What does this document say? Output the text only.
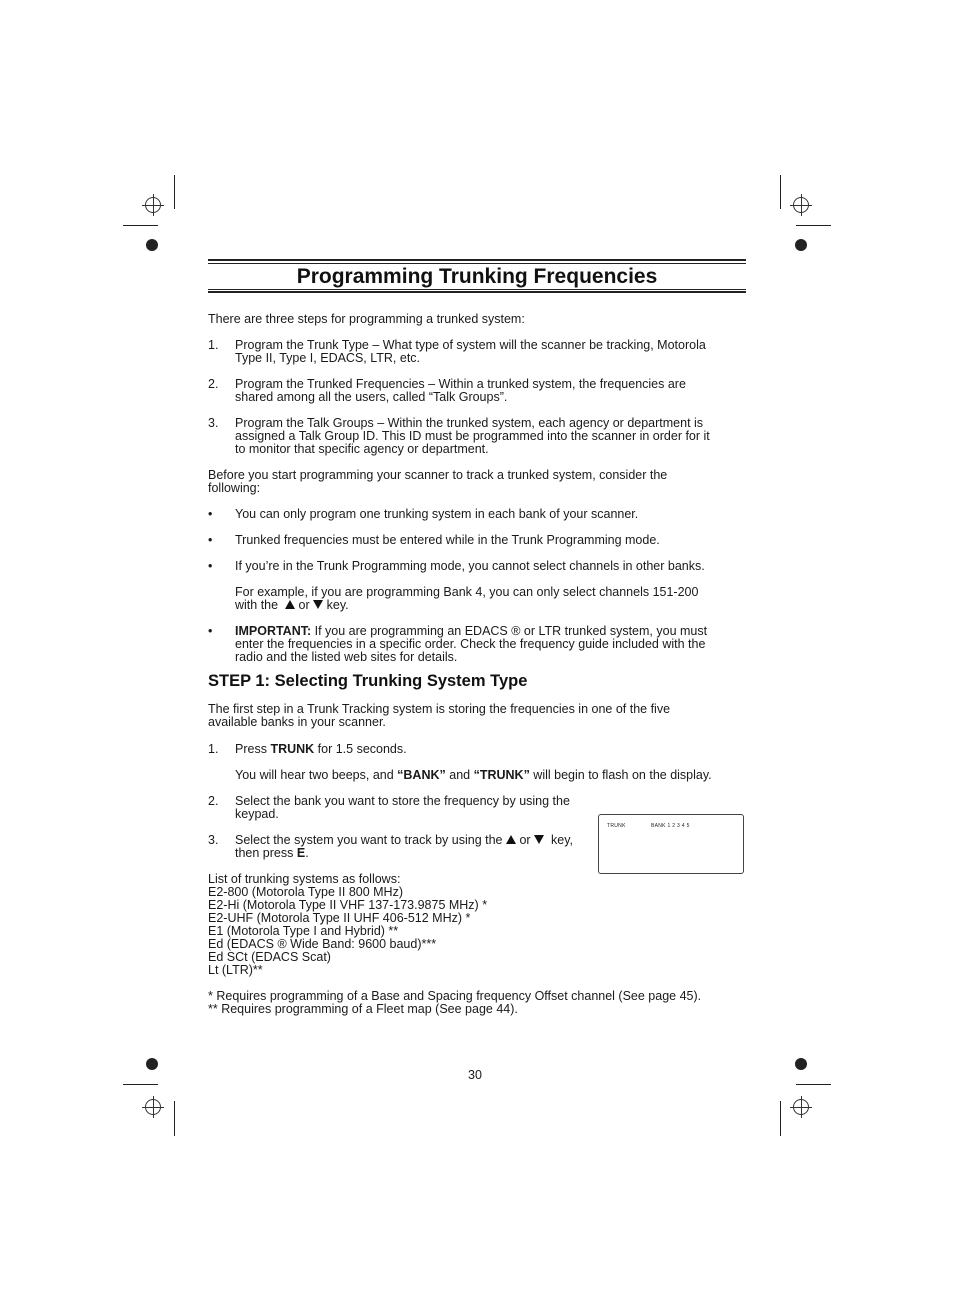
Programming Trunking Frequencies
There are three steps for programming a trunked system:
1. Program the Trunk Type – What type of system will the scanner be tracking, Motorola
Type II, Type I, EDACS, LTR, etc.
2. Program the Trunked Frequencies – Within a trunked system, the frequencies are
shared among all the users, called “Talk Groups”.
3. Program the Talk Groups – Within the trunked system, each agency or department is
assigned a Talk Group ID. This ID must be programmed into the scanner in order for it
to monitor that specific agency or department.
Before you start programming your scanner to track a trunked system, consider the
following:
• You can only program one trunking system in each bank of your scanner.
• Trunked frequencies must be entered while in the Trunk Programming mode.
• If you’re in the Trunk Programming mode, you cannot select channels in other banks.
For example, if you are programming Bank 4, you can only select channels 151-200
with the or key.
• IMPORTANT: If you are programming an EDACS ® or LTR trunked system, you must
enter the frequencies in a specific order. Check the frequency guide included with the
radio and the listed web sites for details.
STEP 1: Selecting Trunking System Type
The first step in a Trunk Tracking system is storing the frequencies in one of the five
available banks in your scanner.
1. Press TRUNK for 1.5 seconds.
You will hear two beeps, and “BANK” and “TRUNK” will begin to flash on the display.
2. Select the bank you want to store the frequency by using the
keypad.
3. Select the system you want to track by using the or key,
then press E.
TRUNK	BANK 1 2 3 4 5
List of trunking systems as follows:
E2-800 (Motorola Type II 800 MHz)
E2-Hi (Motorola Type II VHF 137-173.9875 MHz) *
E2-UHF (Motorola Type II UHF 406-512 MHz) *
E1 (Motorola Type I and Hybrid) **
Ed (EDACS ® Wide Band: 9600 baud)***
Ed SCt (EDACS Scat)
Lt (LTR)**
* Requires programming of a Base and Spacing frequency Offset channel (See page 45).
** Requires programming of a Fleet map (See page 44).
30
